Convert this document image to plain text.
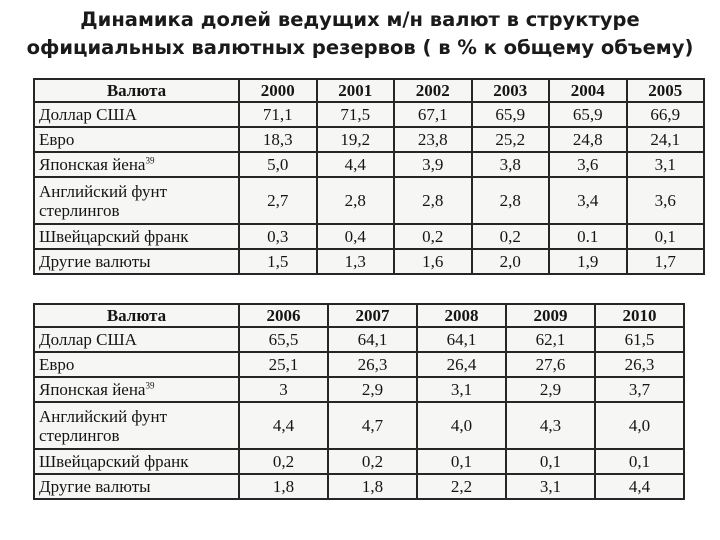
Динамика долей ведущих м/н валют в структуре
официальных валютных резервов ( в % к общему объему)
Валюта	2000	2001	2002	2003	2004	2005
Доллар США	71,1	71,5	67,1	65,9	65,9	66,9
Евро	18,3	19,2	23,8	25,2	24,8	24,1
Японская йена$^{39}$	5,0	4,4	3,9	3,8	3,6	3,1
Английский фунт стерлингов	2,7	2,8	2,8	2,8	3,4	3,6
Швейцарский франк	0,3	0,4	0,2	0,2	0.1	0,1
Другие валюты	1,5	1,3	1,6	2,0	1,9	1,7
Валюта	2006	2007	2008	2009	2010
Доллар США	65,5	64,1	64,1	62,1	61,5
Евро	25,1	26,3	26,4	27,6	26,3
Японская йена$^{39}$	3	2,9	3,1	2,9	3,7
Английский фунт стерлингов	4,4	4,7	4,0	4,3	4,0
Швейцарский франк	0,2	0,2	0,1	0,1	0,1
Другие валюты	1,8	1,8	2,2	3,1	4,4
